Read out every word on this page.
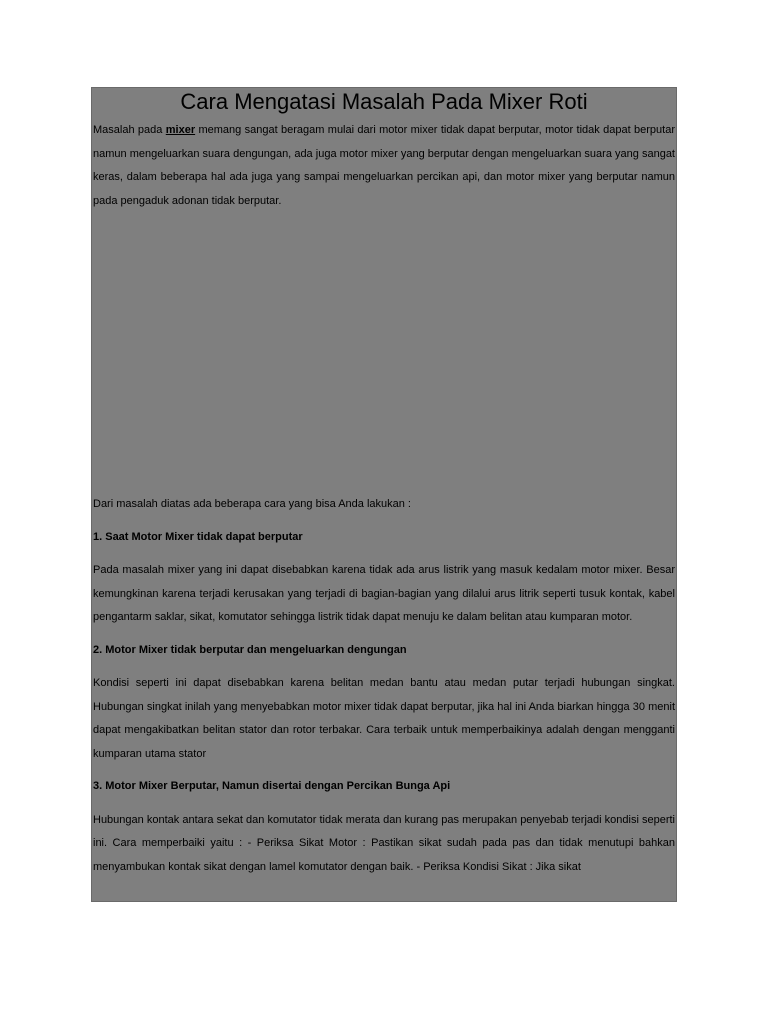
Cara Mengatasi Masalah Pada Mixer Roti

Masalah pada mixer memang sangat beragam mulai dari motor mixer tidak dapat berputar, motor tidak dapat berputar namun mengeluarkan suara dengungan, ada juga motor mixer yang berputar dengan mengeluarkan suara yang sangat keras, dalam beberapa hal ada juga yang sampai mengeluarkan percikan api, dan motor mixer yang berputar namun pada pengaduk adonan tidak berputar.

Dari masalah diatas ada beberapa cara yang bisa Anda lakukan :

1. Saat Motor Mixer tidak dapat berputar

Pada masalah mixer yang ini dapat disebabkan karena tidak ada arus listrik yang masuk kedalam motor mixer. Besar kemungkinan karena terjadi kerusakan yang terjadi di bagian-bagian yang dilalui arus litrik seperti tusuk kontak, kabel pengantarm saklar, sikat, komutator sehingga listrik tidak dapat menuju ke dalam belitan atau kumparan motor.

2. Motor Mixer tidak berputar dan mengeluarkan dengungan

Kondisi seperti ini dapat disebabkan karena belitan medan bantu atau medan putar terjadi hubungan singkat. Hubungan singkat inilah yang menyebabkan motor mixer tidak dapat berputar, jika hal ini Anda biarkan hingga 30 menit dapat mengakibatkan belitan stator dan rotor terbakar. Cara terbaik untuk memperbaikinya adalah dengan mengganti kumparan utama stator

3. Motor Mixer Berputar, Namun disertai dengan Percikan Bunga Api

Hubungan kontak antara sekat dan komutator tidak merata dan kurang pas merupakan penyebab terjadi kondisi seperti ini. Cara memperbaiki yaitu : - Periksa Sikat Motor : Pastikan sikat sudah pada pas dan tidak menutupi bahkan menyambukan kontak sikat dengan lamel komutator dengan baik. - Periksa Kondisi Sikat : Jika sikat
